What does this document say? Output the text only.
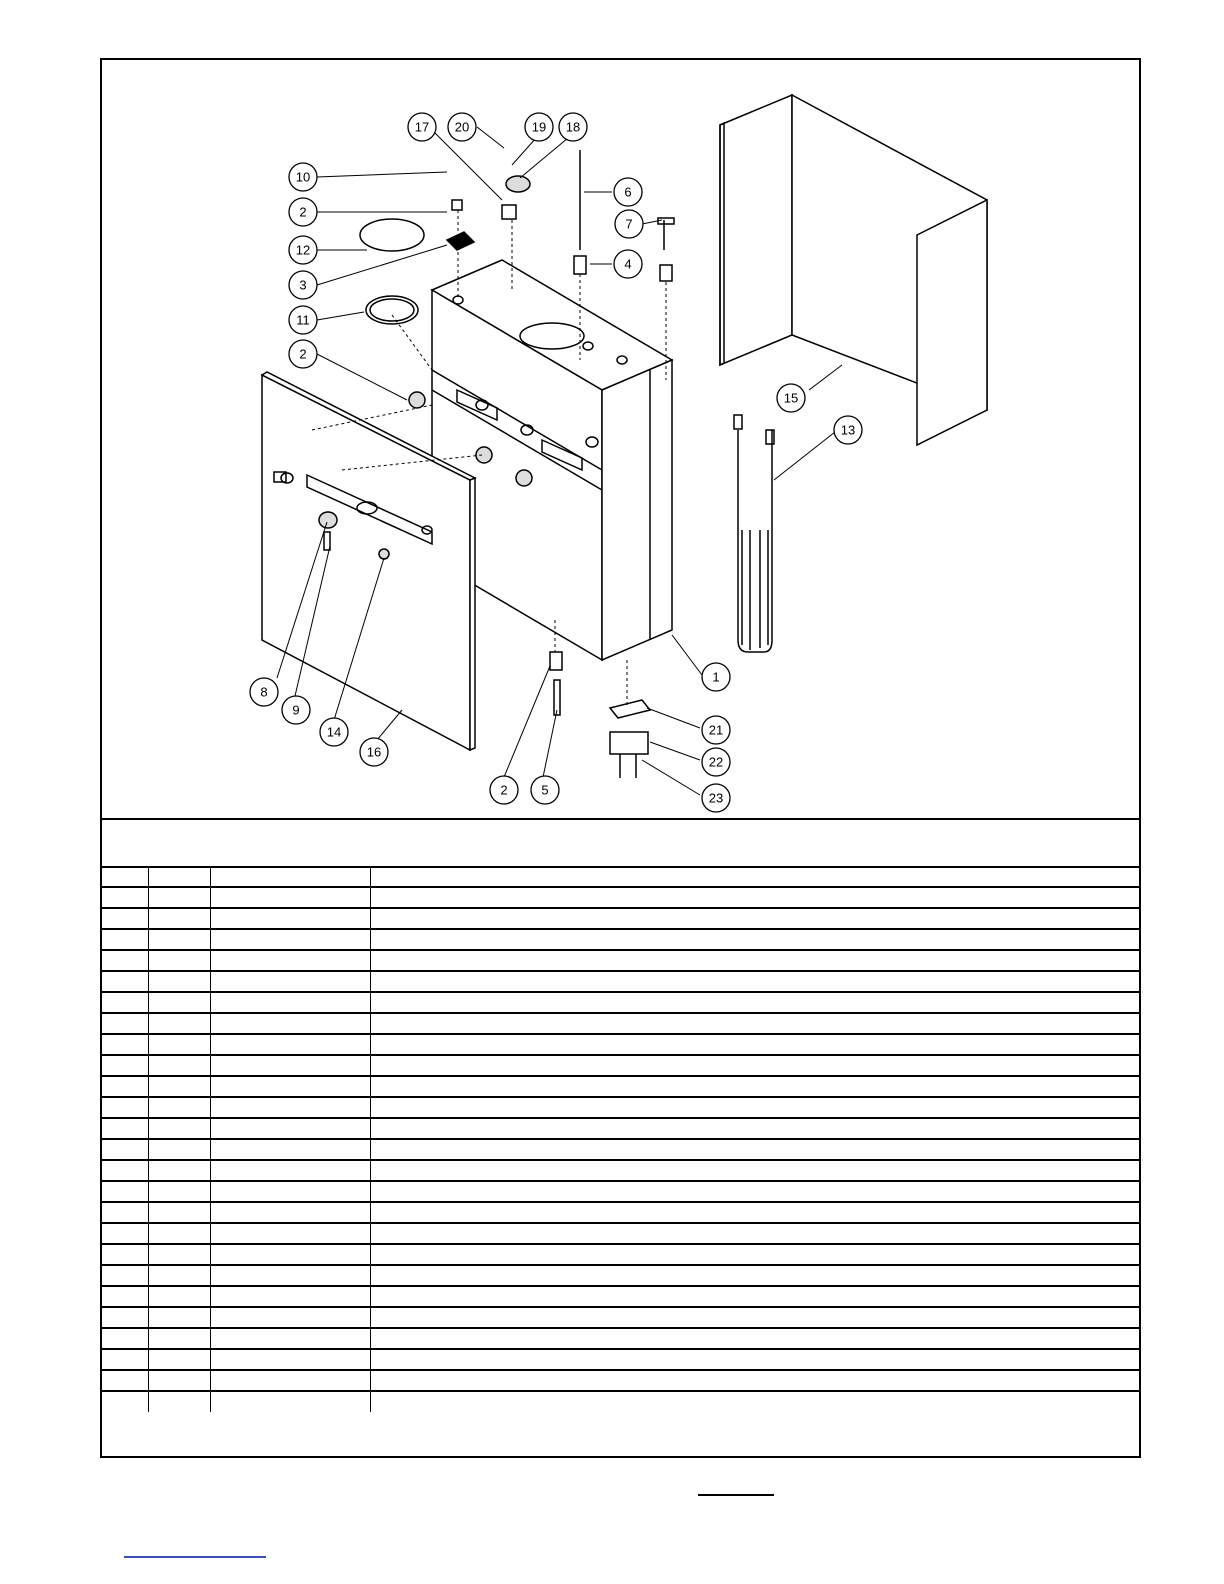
17 20	19 18
10
6
2
7
12
4
3
11
2
15
13
1
8
9
14
16
21
22
2	5
23
